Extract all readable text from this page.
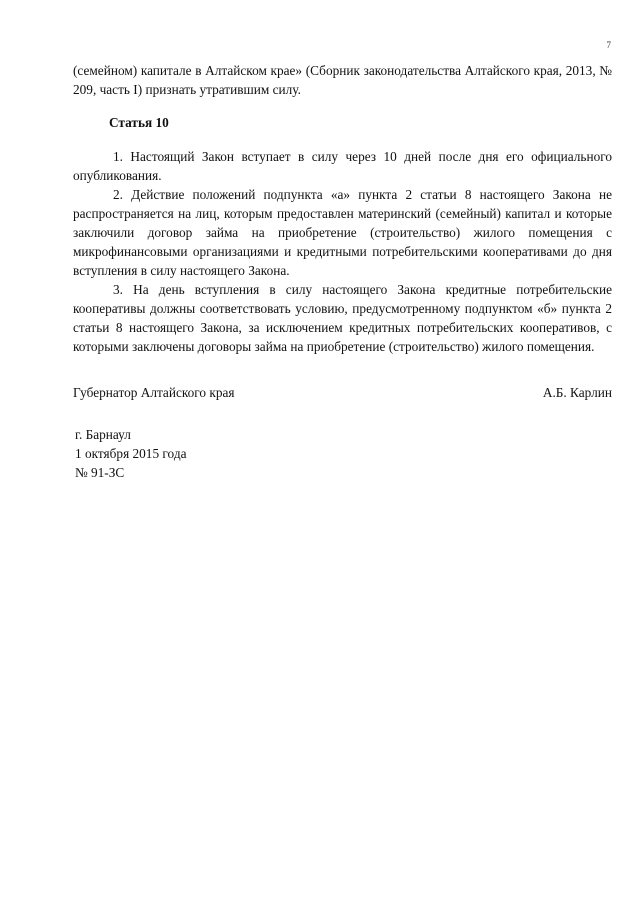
7

(семейном) капитале в Алтайском крае» (Сборник законодательства Алтайского края, 2013, № 209, часть I) признать утратившим силу.

Статья 10

1. Настоящий Закон вступает в силу через 10 дней после дня его официального опубликования.

2. Действие положений подпункта «а» пункта 2 статьи 8 настоящего Закона не распространяется на лиц, которым предоставлен материнский (семейный) капитал и которые заключили договор займа на приобретение (строительство) жилого помещения с микрофинансовыми организациями и кредитными потребительскими кооперативами до дня вступления в силу настоящего Закона.

3. На день вступления в силу настоящего Закона кредитные потребительские кооперативы должны соответствовать условию, предусмотренному подпунктом «б» пункта 2 статьи 8 настоящего Закона, за исключением кредитных потребительских кооперативов, с которыми заключены договоры займа на приобретение (строительство) жилого помещения.

Губернатор Алтайского края	А.Б. Карлин
г. Барнаул
1 октября 2015 года
№ 91-ЗС
